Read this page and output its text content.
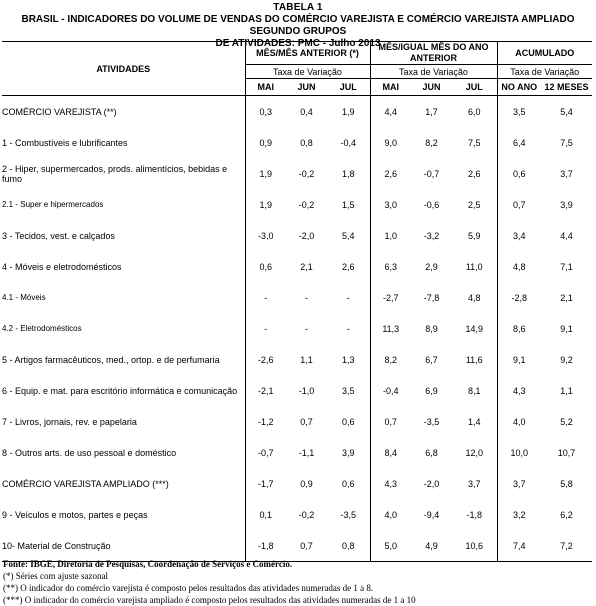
TABELA 1
BRASIL - INDICADORES DO VOLUME DE VENDAS DO COMÉRCIO VAREJISTA E COMÉRCIO VAREJISTA AMPLIADO SEGUNDO GRUPOS
DE ATIVIDADES: PMC - Julho 2013
ATIVIDADES	MÊS/MÊS ANTERIOR (*)			MÊS/IGUAL MÊS DO ANO ANTERIOR			ACUMULADO	
	Taxa de Variação			Taxa de Variação			Taxa de Variação	
	MAI	JUN	JUL	MAI	JUN	JUL	NO ANO	12 MESES
COMÉRCIO VAREJISTA (**)	0,3	0,4	1,9	4,4	1,7	6,0	3,5	5,4
1 - Combustíveis e lubrificantes	0,9	0,8	-0,4	9,0	8,2	7,5	6,4	7,5
2 - Hiper, supermercados, prods. alimentícios, bebidas e fumo	1,9	-0,2	1,8	2,6	-0,7	2,6	0,6	3,7
2.1 - Super e hipermercados	1,9	-0,2	1,5	3,0	-0,6	2,5	0,7	3,9
3 - Tecidos, vest. e calçados	-3,0	-2,0	5,4	1,0	-3,2	5,9	3,4	4,4
4 - Móveis e eletrodomésticos	0,6	2,1	2,6	6,3	2,9	11,0	4,8	7,1
4.1 - Móveis	-	-	-	-2,7	-7,8	4,8	-2,8	2,1
4.2 - Eletrodomésticos	-	-	-	11,3	8,9	14,9	8,6	9,1
5 - Artigos farmacêuticos, med., ortop. e de perfumaria	-2,6	1,1	1,3	8,2	6,7	11,6	9,1	9,2
6 - Equip. e mat. para escritório informática e comunicação	-2,1	-1,0	3,5	-0,4	6,9	8,1	4,3	1,1
7 - Livros, jornais, rev. e papelaria	-1,2	0,7	0,6	0,7	-3,5	1,4	4,0	5,2
8 - Outros arts. de uso pessoal e doméstico	-0,7	-1,1	3,9	8,4	6,8	12,0	10,0	10,7
COMÉRCIO VAREJISTA AMPLIADO (***)	-1,7	0,9	0,6	4,3	-2,0	3,7	3,7	5,8
9 - Veículos e motos, partes e peças	0,1	-0,2	-3,5	4,0	-9,4	-1,8	3,2	6,2
10- Material de Construção	-1,8	0,7	0,8	5,0	4,9	10,6	7,4	7,2
Fonte: IBGE, Diretoria de Pesquisas, Coordenação de Serviços e Comércio.
(*) Séries com ajuste sazonal
(**) O indicador do comércio varejista é composto pelos resultados das atividades numeradas de 1 a 8.
(***) O indicador do comércio varejista ampliado é composto pelos resultados das atividades numeradas de 1 a 10
